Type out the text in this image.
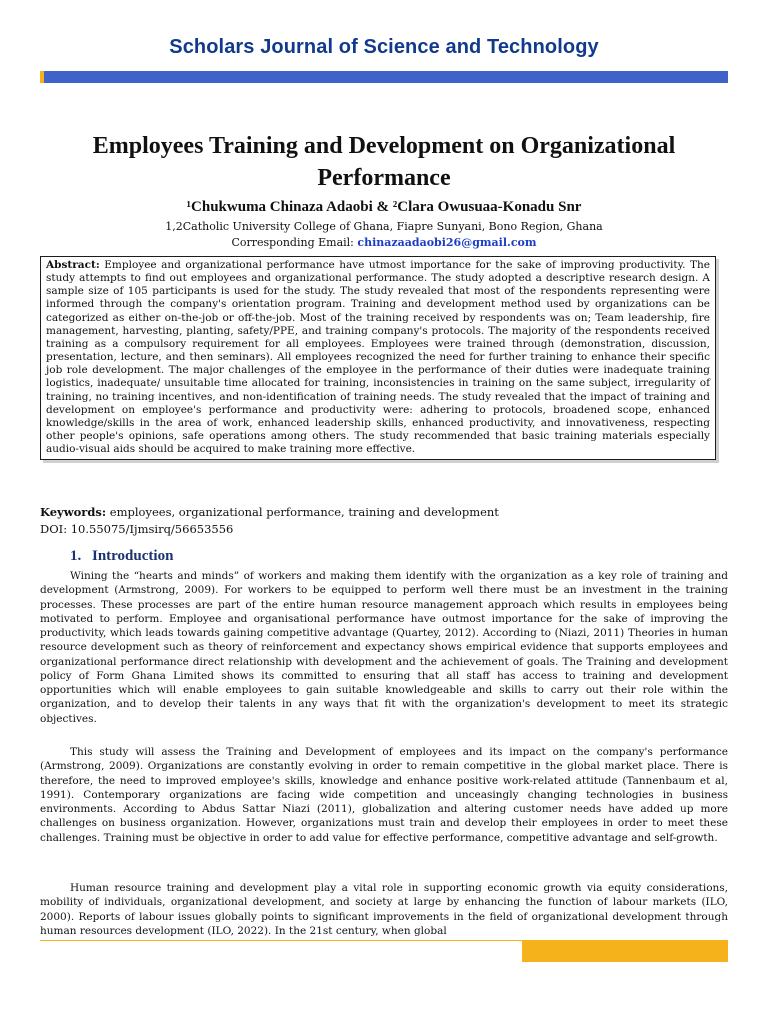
Scholars Journal of Science and Technology
Employees Training and Development on Organizational Performance
¹Chukwuma Chinaza Adaobi & ²Clara Owusuaa-Konadu Snr
1,2Catholic University College of Ghana, Fiapre Sunyani, Bono Region, Ghana
Corresponding Email: chinazaadaobi26@gmail.com
Abstract: Employee and organizational performance have utmost importance for the sake of improving productivity. The study attempts to find out employees and organizational performance. The study adopted a descriptive research design. A sample size of 105 participants is used for the study. The study revealed that most of the respondents representing were informed through the company's orientation program. Training and development method used by organizations can be categorized as either on-the-job or off-the-job. Most of the training received by respondents was on; Team leadership, fire management, harvesting, planting, safety/PPE, and training company's protocols. The majority of the respondents received training as a compulsory requirement for all employees. Employees were trained through (demonstration, discussion, presentation, lecture, and then seminars). All employees recognized the need for further training to enhance their specific job role development. The major challenges of the employee in the performance of their duties were inadequate training logistics, inadequate/ unsuitable time allocated for training, inconsistencies in training on the same subject, irregularity of training, no training incentives, and non-identification of training needs. The study revealed that the impact of training and development on employee's performance and productivity were: adhering to protocols, broadened scope, enhanced knowledge/skills in the area of work, enhanced leadership skills, enhanced productivity, and innovativeness, respecting other people's opinions, safe operations among others. The study recommended that basic training materials especially audio-visual aids should be acquired to make training more effective.
Keywords: employees, organizational performance, training and development
DOI: 10.55075/Ijmsirq/56653556
1. Introduction

Wining the “hearts and minds” of workers and making them identify with the organization as a key role of training and development (Armstrong, 2009). For workers to be equipped to perform well there must be an investment in the training processes. These processes are part of the entire human resource management approach which results in employees being motivated to perform. Employee and organisational performance have outmost importance for the sake of improving the productivity, which leads towards gaining competitive advantage (Quartey, 2012). According to (Niazi, 2011) Theories in human resource development such as theory of reinforcement and expectancy shows empirical evidence that supports employees and organizational performance direct relationship with development and the achievement of goals. The Training and development policy of Form Ghana Limited shows its committed to ensuring that all staff has access to training and development opportunities which will enable employees to gain suitable knowledgeable and skills to carry out their role within the organization, and to develop their talents in any ways that fit with the organization's development to meet its strategic objectives.

This study will assess the Training and Development of employees and its impact on the company's performance (Armstrong, 2009). Organizations are constantly evolving in order to remain competitive in the global market place. There is therefore, the need to improved employee's skills, knowledge and enhance positive work-related attitude (Tannenbaum et al, 1991). Contemporary organizations are facing wide competition and unceasingly changing technologies in business environments. According to Abdus Sattar Niazi (2011), globalization and altering customer needs have added up more challenges on business organization. However, organizations must train and develop their employees in order to meet these challenges. Training must be objective in order to add value for effective performance, competitive advantage and self-growth.

Human resource training and development play a vital role in supporting economic growth via equity considerations, mobility of individuals, organizational development, and society at large by enhancing the function of labour markets (ILO, 2000). Reports of labour issues globally points to significant improvements in the field of organizational development through human resources development (ILO, 2022). In the 21st century, when global
